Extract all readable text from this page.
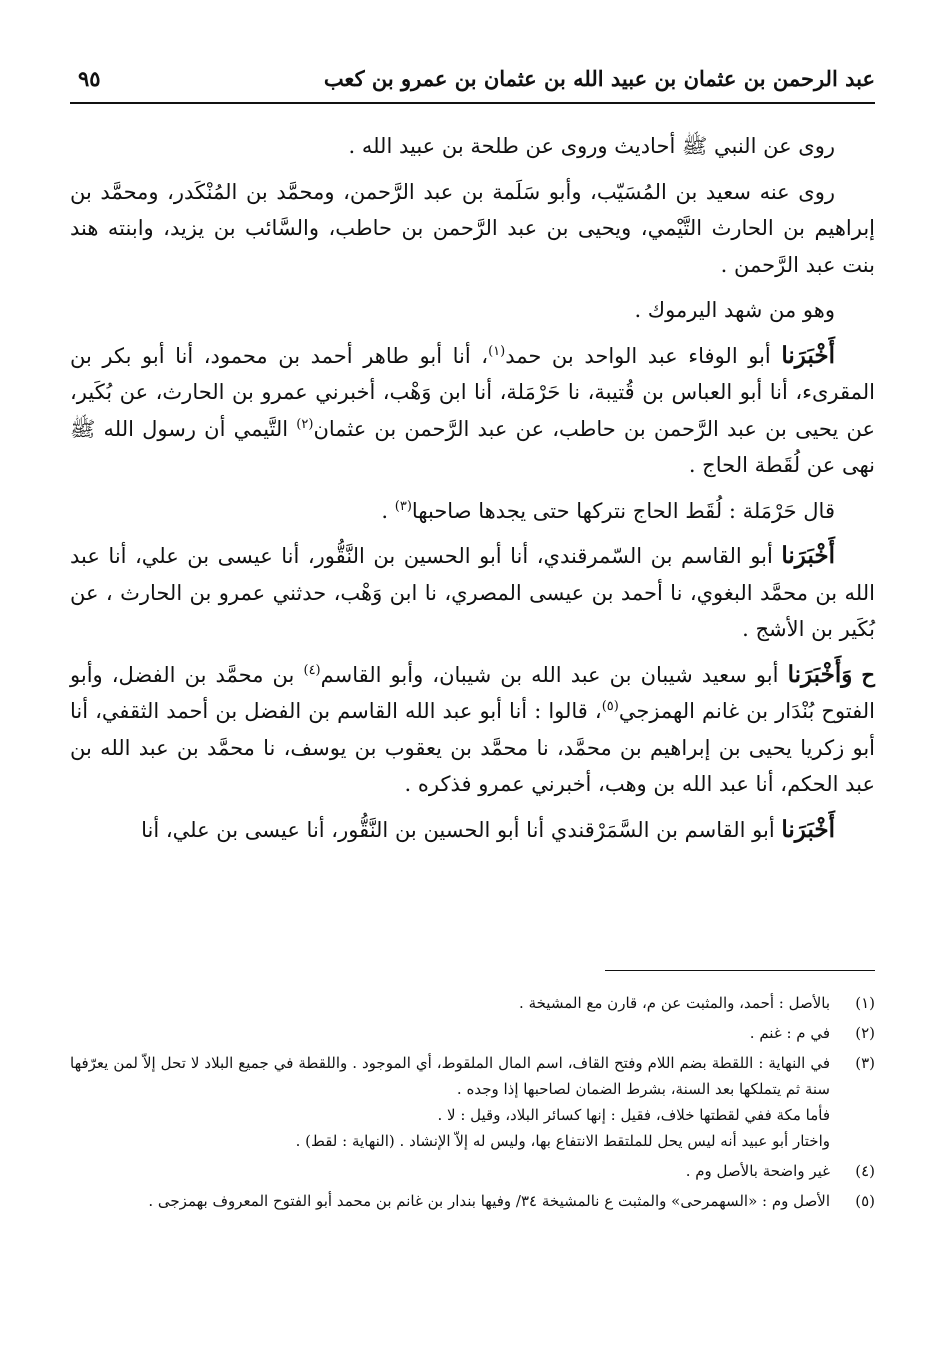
عبد الرحمن بن عثمان بن عبيد الله بن عثمان بن عمرو بن كعب
٩٥

روى عن النبي ﷺ أحاديث وروى عن طلحة بن عبيد الله .

روى عنه سعيد بن المُسَيّب، وأبو سَلَمة بن عبد الرَّحمن، ومحمَّد بن المُنْكَدر، ومحمَّد بن إبراهيم بن الحارث التَّيْمي، ويحيى بن عبد الرَّحمن بن حاطب، والسَّائب بن يزيد، وابنته هند بنت عبد الرَّحمن .

وهو من شهد اليرموك .

أَخْبَرَنا أبو الوفاء عبد الواحد بن حمد$^{(١)}$، أنا أبو طاهر أحمد بن محمود، أنا أبو بكر بن المقرىء، أنا أبو العباس بن قُتيبة، نا حَرْمَلة، أنا ابن وَهْب، أخبرني عمرو بن الحارث، عن بُكَير، عن يحيى بن عبد الرَّحمن بن حاطب، عن عبد الرَّحمن بن عثمان$^{(٢)}$ التَّيمي أن رسول الله ﷺ نهى عن لُقَطة الحاج .

قال حَرْمَلة : لُقَط الحاج نتركها حتى يجدها صاحبها$^{(٣)}$ .

أَخْبَرَنا أبو القاسم بن السّمرقندي، أنا أبو الحسين بن النَّقُّور، أنا عيسى بن علي، أنا عبد الله بن محمَّد البغوي، نا أحمد بن عيسى المصري، نا ابن وَهْب، حدثني عمرو بن الحارث ، عن بُكَير بن الأشج .

ح وَأَخْبَرَنا أبو سعيد شيبان بن عبد الله بن شيبان، وأبو القاسم$^{(٤)}$ بن محمَّد بن الفضل، وأبو الفتوح بُنْدَار بن غانم الهمزجي$^{(٥)}$، قالوا : أنا أبو عبد الله القاسم بن الفضل بن أحمد الثقفي، أنا أبو زكريا يحيى بن إبراهيم بن محمَّد، نا محمَّد بن يعقوب بن يوسف، نا محمَّد بن عبد الله بن عبد الحكم، أنا عبد الله بن وهب، أخبرني عمرو فذكره .

أَخْبَرَنا أبو القاسم بن السَّمَرْقندي أنا أبو الحسين بن النَّقُّور، أنا عيسى بن علي، أنا

(١)
بالأصل : أحمد، والمثبت عن م، قارن مع المشيخة .
(٢)
في م : غنم .
(٣)
في النهاية : اللقطة بضم اللام وفتح القاف، اسم المال الملقوط، أي الموجود . واللقطة في جميع البلاد لا تحل إلاّ لمن يعرّفها سنة ثم يتملكها بعد السنة، بشرط الضمان لصاحبها إذا وجده .
فأما مكة ففي لقطتها خلاف، فقيل : إنها كسائر البلاد، وقيل : لا .
واختار أبو عبيد أنه ليس يحل للملتقط الانتفاع بها، وليس له إلاّ الإنشاد . (النهاية : لقط) .
(٤)
غير واضحة بالأصل وم .
(٥)
الأصل وم : «السهمرحى» والمثبت ع نالمشيخة ٣٤/ وفيها بندار بن غانم بن محمد أبو الفتوح المعروف بهمزجى .
